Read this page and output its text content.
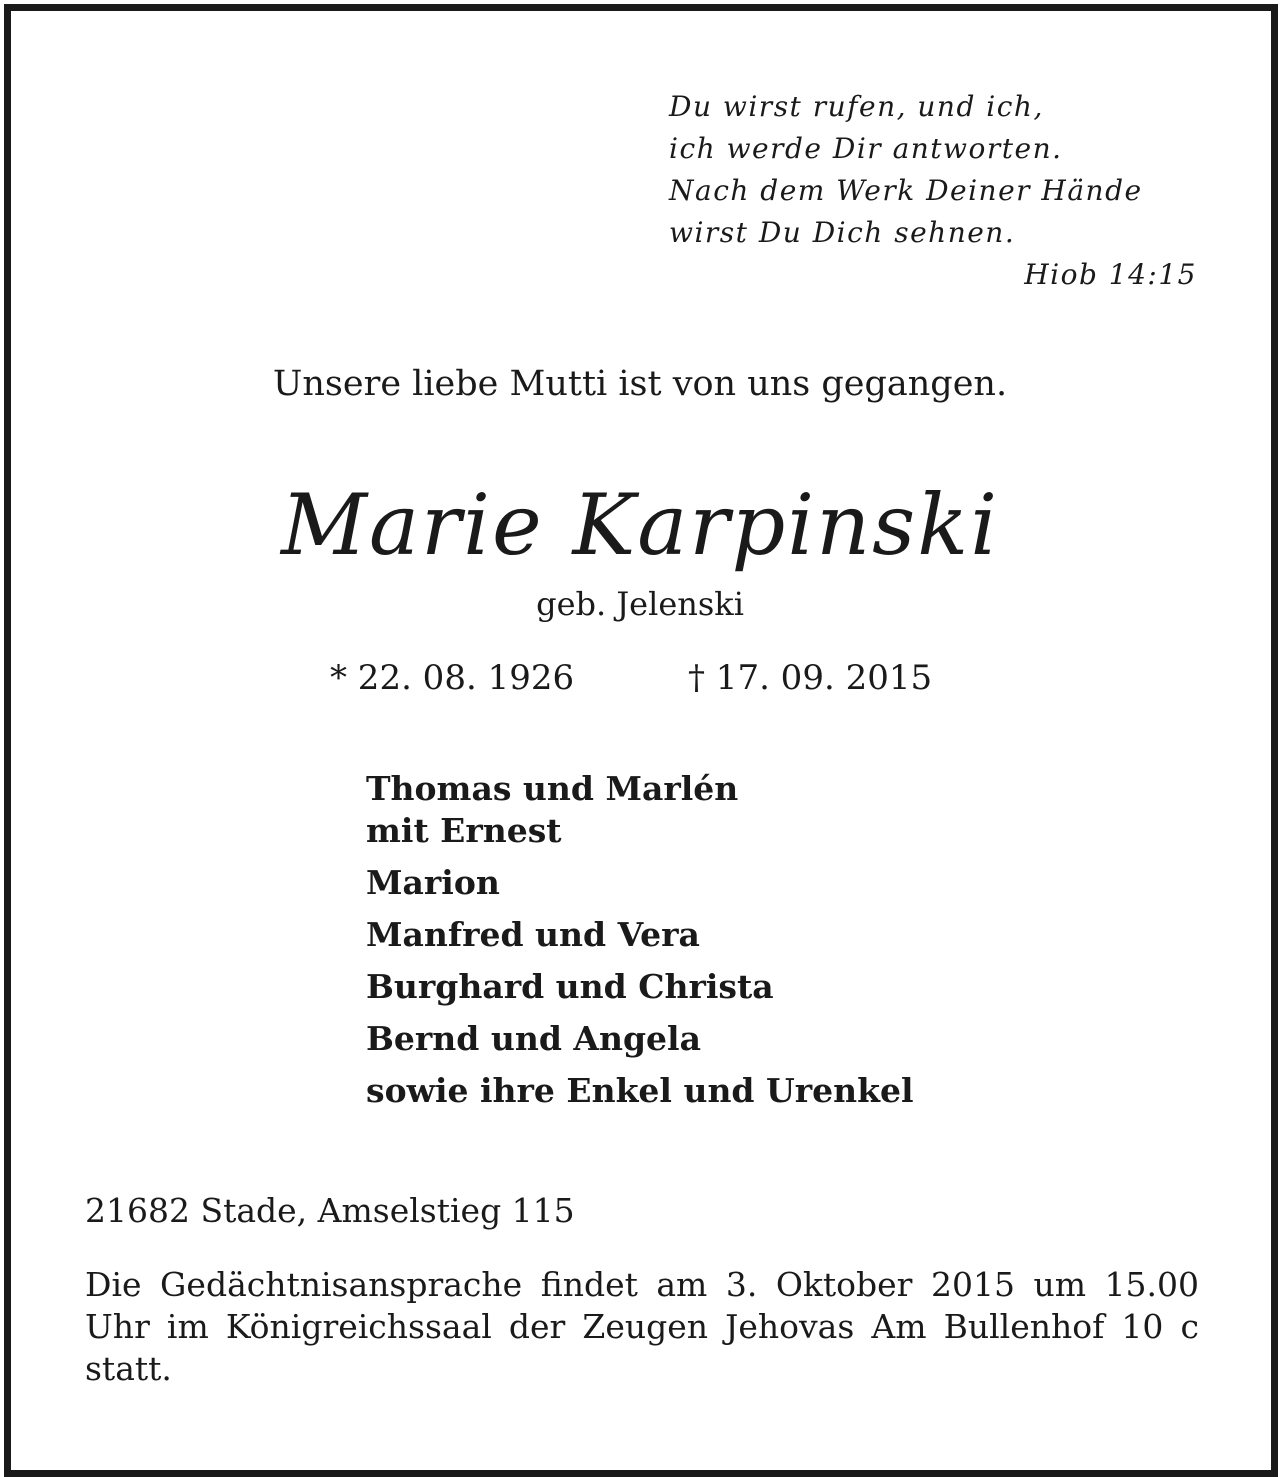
Du wirst rufen, und ich,
ich werde Dir antworten.
Nach dem Werk Deiner Hände
wirst Du Dich sehnen.
Hiob 14:15
Unsere liebe Mutti ist von uns gegangen.
Marie Karpinski
geb. Jelenski
* 22. 08. 1926	† 17. 09. 2015
Thomas und Marlén
mit Ernest
Marion
Manfred und Vera
Burghard und Christa
Bernd und Angela
sowie ihre Enkel und Urenkel
21682 Stade, Amselstieg 115
Die Gedächtnisansprache findet am 3. Oktober 2015 um 15.00 Uhr im Königreichssaal der Zeugen Jehovas Am Bullenhof 10 c statt.
